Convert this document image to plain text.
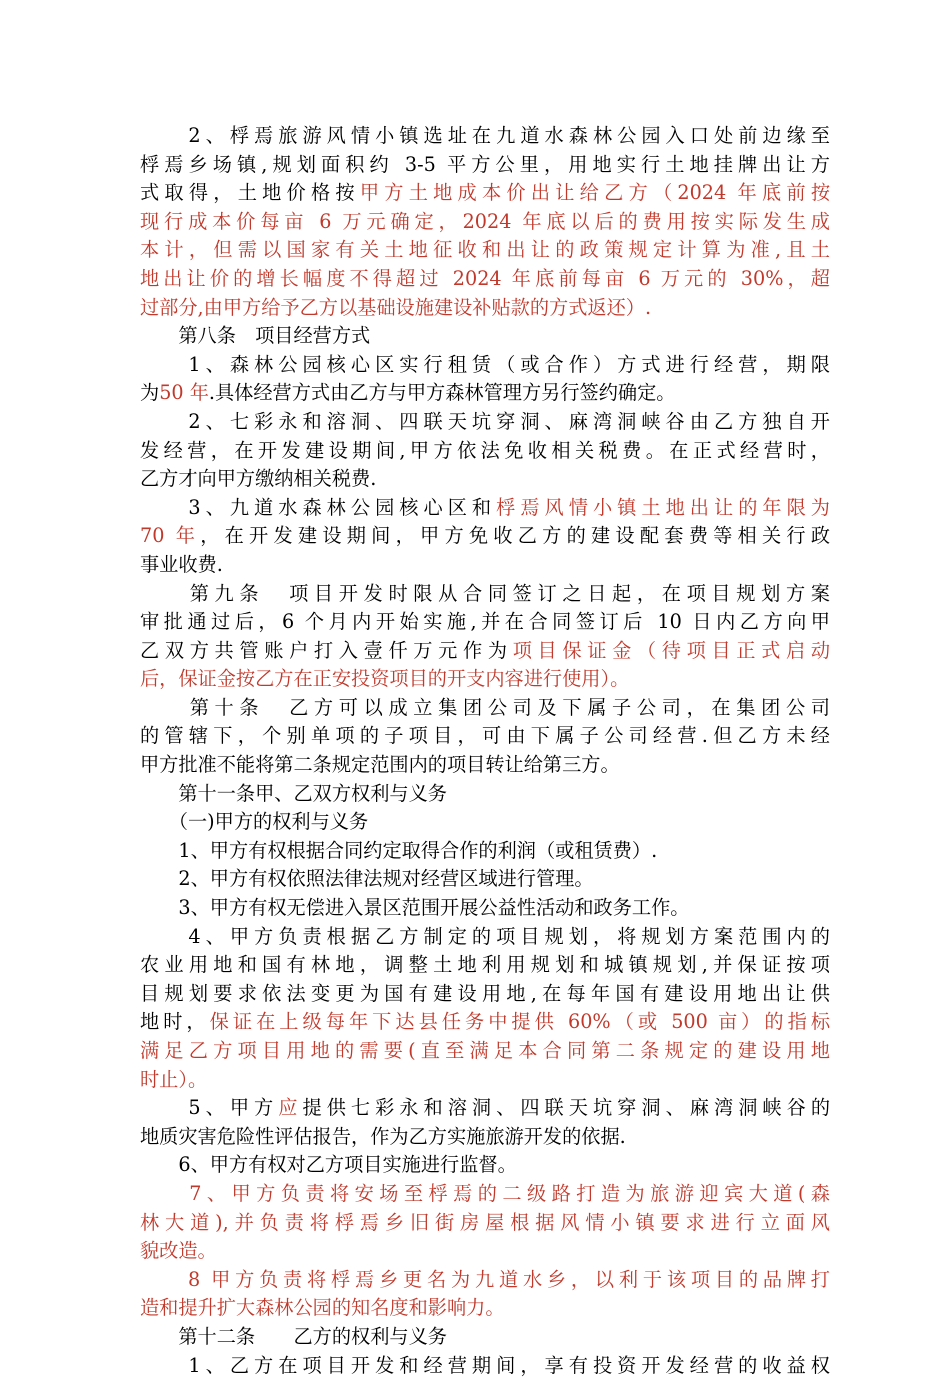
　　2、桴焉旅游风情小镇选址在九道水森林公园入口处前边缘至
桴焉乡场镇,规划面积约 3-5 平方公里，用地实行土地挂牌出让方
式取得，土地价格按甲方土地成本价出让给乙方（2024 年底前按
现行成本价每亩 6 万元确定，2024 年底以后的费用按实际发生成
本计，但需以国家有关土地征收和出让的政策规定计算为准,且土
地出让价的增长幅度不得超过 2024 年底前每亩 6 万元的 30%，超
过部分,由甲方给予乙方以基础设施建设补贴款的方式返还）.
　　第八条　项目经营方式
　　1、森林公园核心区实行租赁（或合作）方式进行经营，期限
为50 年.具体经营方式由乙方与甲方森林管理方另行签约确定。
　　2、七彩永和溶洞、四联天坑穿洞、麻湾洞峡谷由乙方独自开
发经营，在开发建设期间,甲方依法免收相关税费。在正式经营时，
乙方才向甲方缴纳相关税费.
　　3、九道水森林公园核心区和桴焉风情小镇土地出让的年限为
70 年，在开发建设期间，甲方免收乙方的建设配套费等相关行政
事业收费.
　　第九条　项目开发时限从合同签订之日起，在项目规划方案
审批通过后，6 个月内开始实施,并在合同签订后 10 日内乙方向甲
乙双方共管账户打入壹仟万元作为项目保证金（待项目正式启动
后，保证金按乙方在正安投资项目的开支内容进行使用）。
　　第十条　乙方可以成立集团公司及下属子公司，在集团公司
的管辖下，个别单项的子项目，可由下属子公司经营.但乙方未经
甲方批准不能将第二条规定范围内的项目转让给第三方。
　　第十一条甲、乙双方权利与义务
　　（一)甲方的权利与义务
　　1、甲方有权根据合同约定取得合作的利润（或租赁费）.
　　2、甲方有权依照法律法规对经营区域进行管理。
　　3、甲方有权无偿进入景区范围开展公益性活动和政务工作。
　　4、甲方负责根据乙方制定的项目规划，将规划方案范围内的
农业用地和国有林地，调整土地利用规划和城镇规划,并保证按项
目规划要求依法变更为国有建设用地,在每年国有建设用地出让供
地时，保证在上级每年下达县任务中提供 60%（或 500 亩）的指标
满足乙方项目用地的需要(直至满足本合同第二条规定的建设用地
时止）。
　　5、甲方应提供七彩永和溶洞、四联天坑穿洞、麻湾洞峡谷的
地质灾害危险性评估报告，作为乙方实施旅游开发的依据.
　　6、甲方有权对乙方项目实施进行监督。
　　7、甲方负责将安场至桴焉的二级路打造为旅游迎宾大道(森
林大道),并负责将桴焉乡旧街房屋根据风情小镇要求进行立面风
貌改造。
　　8 甲方负责将桴焉乡更名为九道水乡，以利于该项目的品牌打
造和提升扩大森林公园的知名度和影响力。
　　第十二条　　乙方的权利与义务
　　1、乙方在项目开发和经营期间，享有投资开发经营的收益权
